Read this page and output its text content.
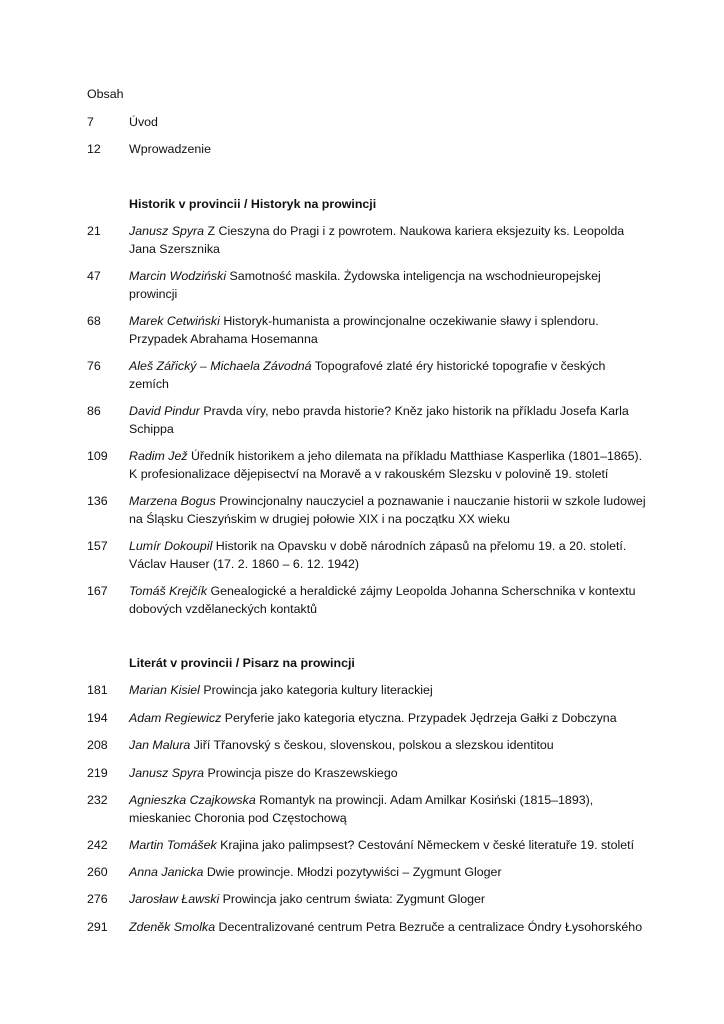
Obsah
7	Úvod
12	Wprowadzenie
Historik v provincii / Historyk na prowincji
21	Janusz Spyra Z Cieszyna do Pragi i z powrotem. Naukowa kariera eksjezuity ks. Leopolda
Jana Szersznika
47	Marcin Wodziński Samotność maskila. Żydowska inteligencja na wschodnieuropejskej
prowincji
68	Marek Cetwiński Historyk-humanista a prowincjonalne oczekiwanie sławy i splendoru.
Przypadek Abrahama Hosemanna
76	Aleš Zářický – Michaela Závodná Topografové zlaté éry historické topografie v českých
zemích
86	David Pindur Pravda víry, nebo pravda historie? Kněz jako historik na příkladu Josefa Karla
Schippa
109	Radim Jež Úředník historikem a jeho dilemata na příkladu Matthiase Kasperlika (1801–1865).
K profesionalizace dějepisectví na Moravě a v rakouském Slezsku v polovině 19. století
136	Marzena Bogus Prowincjonalny nauczyciel a poznawanie i nauczanie historii w szkole ludowej
na Śląsku Cieszyńskim w drugiej połowie XIX i na początku XX wieku
157	Lumír Dokoupil Historik na Opavsku v době národních zápasů na přelomu 19. a 20. století.
Václav Hauser (17. 2. 1860 – 6. 12. 1942)
167	Tomáš Krejčík Genealogické a heraldické zájmy Leopolda Johanna Scherschnika v kontextu
dobových vzdělaneckých kontaktů
Literát v provincii / Pisarz na prowincji
181	Marian Kisiel Prowincja jako kategoria kultury literackiej
194	Adam Regiewicz Peryferie jako kategoria etyczna. Przypadek Jędrzeja Gałki z Dobczyna
208	Jan Malura Jiří Třanovský s českou, slovenskou, polskou a slezskou identitou
219	Janusz Spyra Prowincja pisze do Kraszewskiego
232	Agnieszka Czajkowska Romantyk na prowincji. Adam Amilkar Kosiński (1815–1893),
mieskaniec Choronia pod Częstochową
242	Martin Tomášek Krajina jako palimpsest? Cestování Německem v české literatuře 19. století
260	Anna Janicka Dwie prowincje. Młodzi pozytywiści – Zygmunt Gloger
276	Jarosław Ławski Prowincja jako centrum świata: Zygmunt Gloger
291	Zdeněk Smolka Decentralizované centrum Petra Bezruče a centralizace Óndry Łysohorského
